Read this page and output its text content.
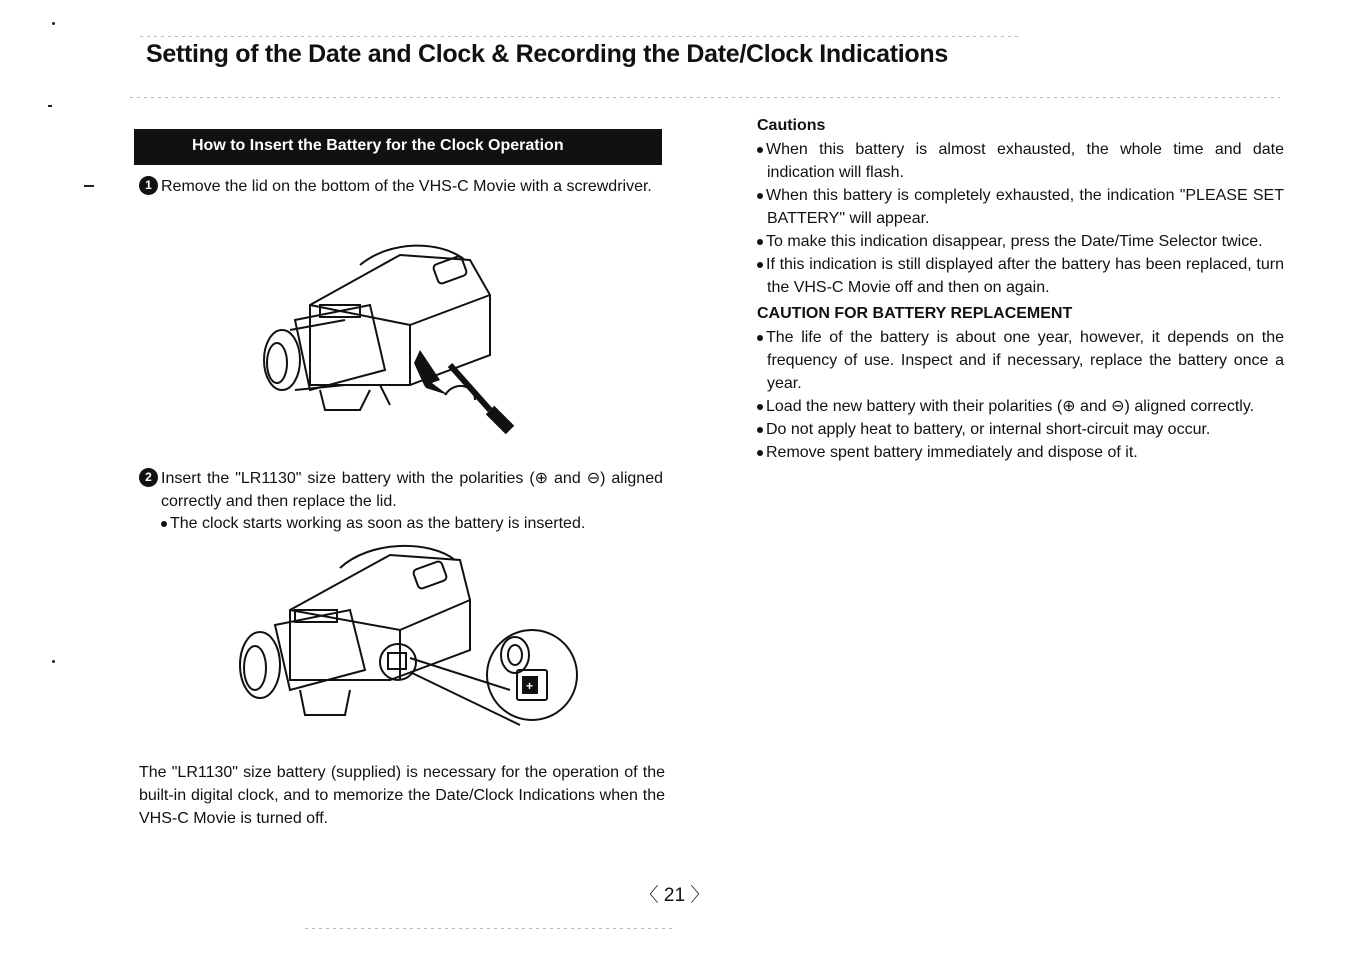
Setting of the Date and Clock & Recording the Date/Clock Indications
How to Insert the Battery for the Clock Operation
1 Remove the lid on the bottom of the VHS-C Movie with a screwdriver.
2 Insert the "LR1130" size battery with the polarities (⊕ and ⊖) aligned correctly and then replace the lid.
The clock starts working as soon as the battery is inserted.
+
The "LR1130" size battery (supplied) is necessary for the operation of the built-in digital clock, and to memorize the Date/Clock Indications when the VHS-C Movie is turned off.
Cautions
When this battery is almost exhausted, the whole time and date indication will flash.
When this battery is completely exhausted, the indication "PLEASE SET BATTERY" will appear.
To make this indication disappear, press the Date/Time Selector twice.
If this indication is still displayed after the battery has been replaced, turn the VHS-C Movie off and then on again.
CAUTION FOR BATTERY REPLACEMENT
The life of the battery is about one year, however, it depends on the frequency of use. Inspect and if necessary, replace the battery once a year.
Load the new battery with their polarities (⊕ and ⊖) aligned correctly.
Do not apply heat to battery, or internal short-circuit may occur.
Remove spent battery immediately and dispose of it.
〈 21 〉
